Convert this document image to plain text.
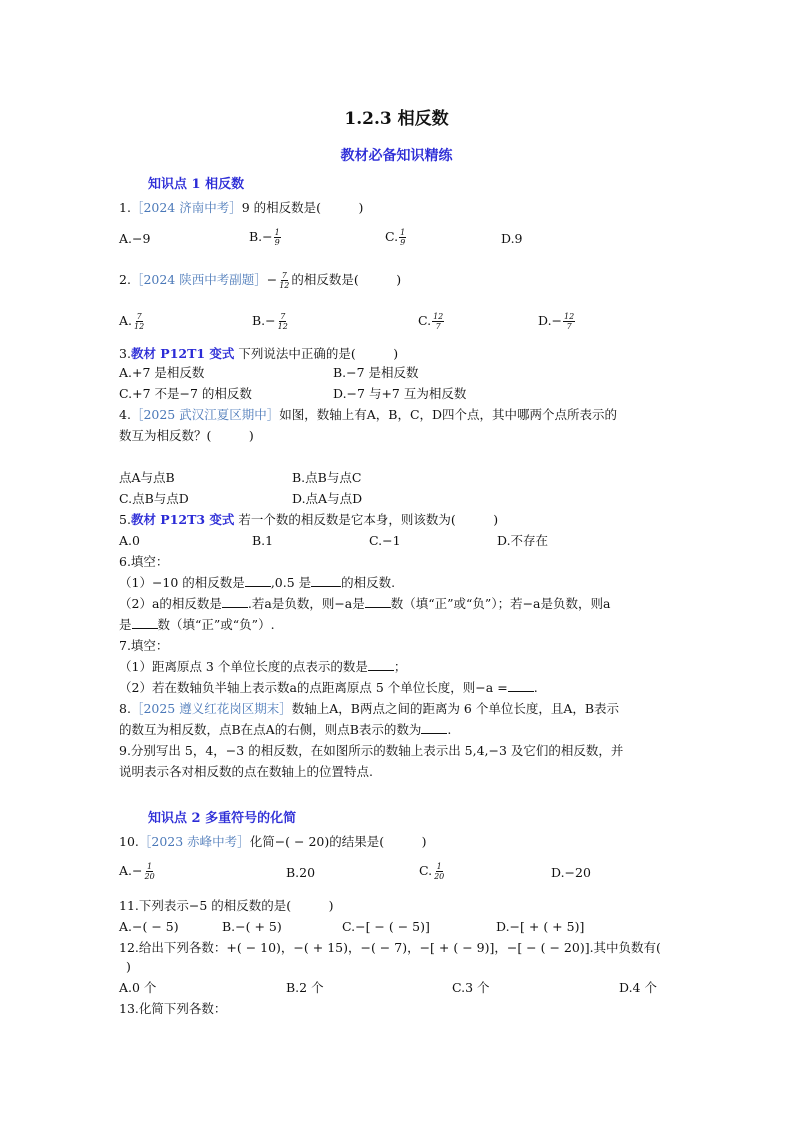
1.2.3 相反数
教材必备知识精练
知识点 1 相反数
1.［2024 济南中考］9 的相反数是(　　　)
A.−9	$B.- \frac{1}{9}$	C. $\frac{1}{9}$	D.9
2.［2024 陕西中考副题］− $\frac{7}{12}$ 的相反数是(　　　)
A. $\frac{7}{12}$	$B.- \frac{7}{12}$	C. $\frac{12}{7}$	$D.- \frac{12}{7}$
3.教材 P12T1 变式 下列说法中正确的是(　　　)
A.+7 是相反数	B.−7 是相反数
C.+7 不是−7 的相反数	D.−7 与+7 互为相反数
4.［2025 武汉江夏区期中］如图，数轴上有A，B，C，D四个点，其中哪两个点所表示的
数互为相反数？(　　　)
点A与点B	B.点B与点C
C.点B与点D	D.点A与点D
5.教材 P12T3 变式 若一个数的相反数是它本身，则该数为(　　　)
A.0	B.1	C.−1	D.不存在
6.填空：
（1）−10 的相反数是 ,0.5 是 的相反数.
（2）a的相反数是 .若a是负数，则−a是 数（填“正”或“负”）；若−a是负数，则a
是 数（填“正”或“负”）.
7.填空：
（1）距离原点 3 个单位长度的点表示的数是 ；
（2）若在数轴负半轴上表示数a的点距离原点 5 个单位长度，则−a = .
8.［2025 遵义红花岗区期末］数轴上A，B两点之间的距离为 6 个单位长度，且A，B表示
的数互为相反数，点B在点A的右侧，则点B表示的数为 .
9.分别写出 5，4，−3 的相反数，在如图所示的数轴上表示出 5,4,−3 及它们的相反数，并
说明表示各对相反数的点在数轴上的位置特点.
知识点 2 多重符号的化简
10.［2023 赤峰中考］化简−( − 20)的结果是(　　　)
$A.- \frac{1}{20}$	B.20	C. $\frac{1}{20}$	D.−20
11.下列表示−5 的相反数的是(　　　)
A.−( − 5)	B.−( + 5)	C.−[ − ( − 5)]	D.−[ + ( + 5)]
12.给出下列各数：+( − 10)，−( + 15)，−( − 7)，−[ + ( − 9)]，−[ − ( − 20)].其中负数有(
)
A.0 个	B.2 个	C.3 个	D.4 个
13.化简下列各数：
